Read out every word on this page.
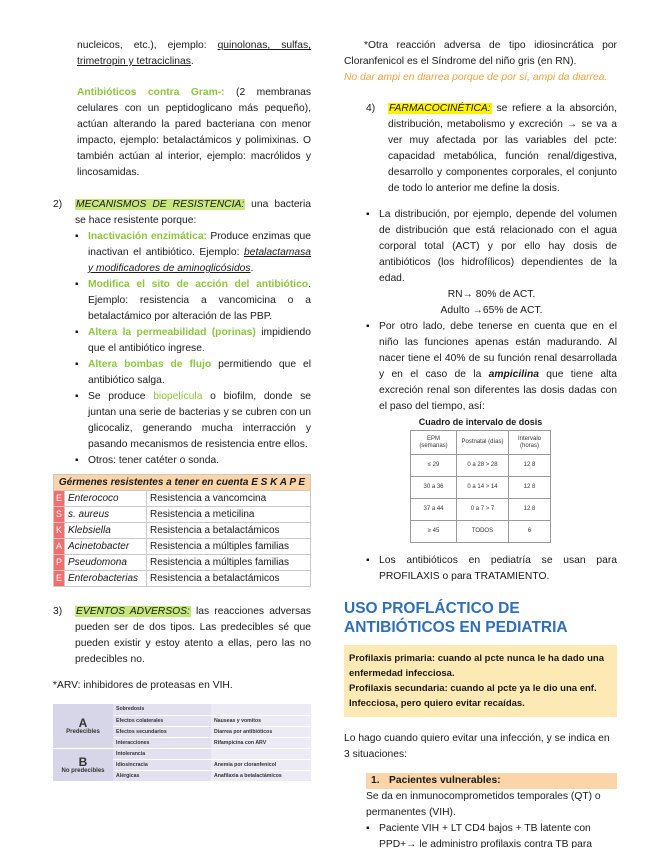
nucleicos, etc.), ejemplo: quinolonas, sulfas, trimetropin y tetraciclinas.

Antibióticos contra Gram-: (2 membranas celulares con un peptidoglicano más pequeño), actúan alterando la pared bacteriana con menor impacto, ejemplo: betalactámicos y polimixinas. O también actúan al interior, ejemplo: macrólidos y lincosamidas.

2)	MECANISMOS DE RESISTENCIA: una bacteria se hace resistente porque:

▪

Inactivación enzimática: Produce enzimas que inactivan el antibiótico. Ejemplo: betalactamasa y modificadores de aminoglicósidos.

▪

Modifica el sito de acción del antibiótico. Ejemplo: resistencia a vancomicina o a betalactámico por alteración de las PBP.

▪

Altera la permeabilidad (porinas) impidiendo que el antibiótico ingrese.

▪

Altera bombas de flujo permitiendo que el antibiótico salga.

▪

Se produce biopelícula o biofilm, donde se juntan una serie de bacterias y se cubren con un glicocaliz, generando mucha interracción y pasando mecanismos de resistencia entre ellos.

▪

Otros: tener catéter o sonda.

Gérmenes resistentes a tener en cuenta E S K A P E		
E	Enterococo	Resistencia a vancomcina
S	s. aureus	Resistencia a meticilina
K	Klebsiella	Resistencia a betalactámicos
A	Acinetobacter	Resistencia a múltiples familias
P	Pseudomona	Resistencia a múltiples familias
E	Enterobacterias	Resistencia a betalactámicos
3)	EVENTOS ADVERSOS: las reacciones adversas pueden ser de dos tipos. Las predecibles sé que pueden existir y estoy atento a ellas, pero las no predecibles no.

*ARV: inhibidores de proteasas en VIH.

A
Predecibles	Sobredosis	
	Efectos colaterales	Nauseas y vomitos
	Efectos secundarios	Diarrea por antibióticos
	Interacciones	Rifampicina con ARV

B
No predecibles	Intolerancia	
	Idiosincracia	Anemia por cloranfenicol
	Alérgicas	Anafilaxia a betalactámicos

*Otra reacción adversa de tipo idiosincrática por Cloranfenicol es el Síndrome del niño gris (en RN).

No dar ampi en diarrea porque de por sí, ampi da diarrea.

4)	FARMACOCINÉTICA: se refiere a la absorción, distribución, metabolismo y excreción → se va a ver muy afectada por las variables del pcte: capacidad metabólica, función renal/digestiva, desarrollo y componentes corporales, el conjunto de todo lo anterior me define la dosis.

▪

La distribución, por ejemplo, depende del volumen de distribución que está relacionado con el agua corporal total (ACT) y por ello hay dosis de antibióticos (los hidrofílicos) dependientes de la edad.

RN→ 80% de ACT.

Adulto →65% de ACT.

▪

Por otro lado, debe tenerse en cuenta que en el niño las funciones apenas están madurando. Al nacer tiene el 40% de su función renal desarrollada y en el caso de la ampicilina que tiene alta excreción renal son diferentes las dosis dadas con el paso del tiempo, así:

Cuadro de intervalo de dosis
EPM (semanas)	Postnatal (días)	Intervalo (horas)
≤ 29	0 a 28 > 28	12 8
30 a 36	0 a 14 > 14	12 8
37 a 44	0 a 7 > 7	12 8
≥ 45	TODOS	6
▪

Los antibióticos en pediatría se usan para PROFILAXIS o para TRATAMIENTO.

USO PROFLÁCTICO DE ANTIBIÓTICOS EN PEDIATRIA

Profilaxis primaria: cuando al pcte nunca le ha dado una enfermedad infecciosa.

Profilaxis secundaria: cuando al pcte ya le dio una enf. Infecciosa, pero quiero evitar recaídas.

Lo hago cuando quiero evitar una infección, y se indica en 3 situaciones:

1. Pacientes vulnerables:

Se da en inmunocomprometidos temporales (QT) o permanentes (VIH).

▪

Paciente VIH + LT CD4 bajos + TB latente con PPD+→ le administro profilaxis contra TB para
